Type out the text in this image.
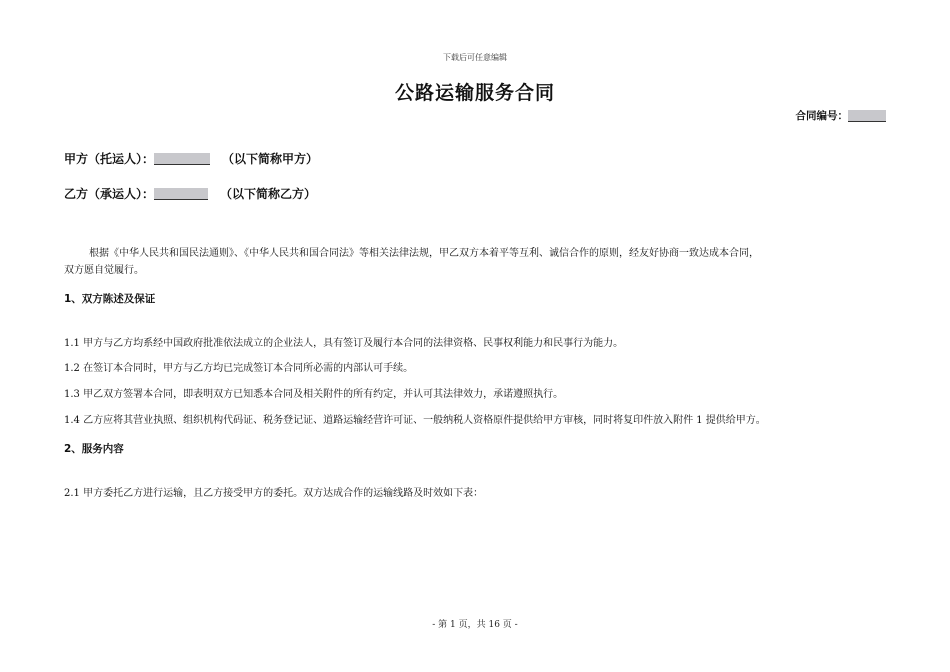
下载后可任意编辑
公路运输服务合同
合同编号：
甲方（托运人）：	（以下简称甲方）
乙方（承运人）：	（以下简称乙方）
根据《中华人民共和国民法通则》、《中华人民共和国合同法》等相关法律法规，甲乙双方本着平等互利、诚信合作的原则，经友好协商一致达成本合同，
双方愿自觉履行。
1、双方陈述及保证
1.1 甲方与乙方均系经中国政府批准依法成立的企业法人，具有签订及履行本合同的法律资格、民事权利能力和民事行为能力。
1.2 在签订本合同时，甲方与乙方均已完成签订本合同所必需的内部认可手续。
1.3 甲乙双方签署本合同，即表明双方已知悉本合同及相关附件的所有约定，并认可其法律效力，承诺遵照执行。
1.4 乙方应将其营业执照、组织机构代码证、税务登记证、道路运输经营许可证、一般纳税人资格原件提供给甲方审核，同时将复印件放入附件 1 提供给甲方。
2、服务内容
2.1 甲方委托乙方进行运输，且乙方接受甲方的委托。双方达成合作的运输线路及时效如下表：
- 第 1 页，共 16 页 -
